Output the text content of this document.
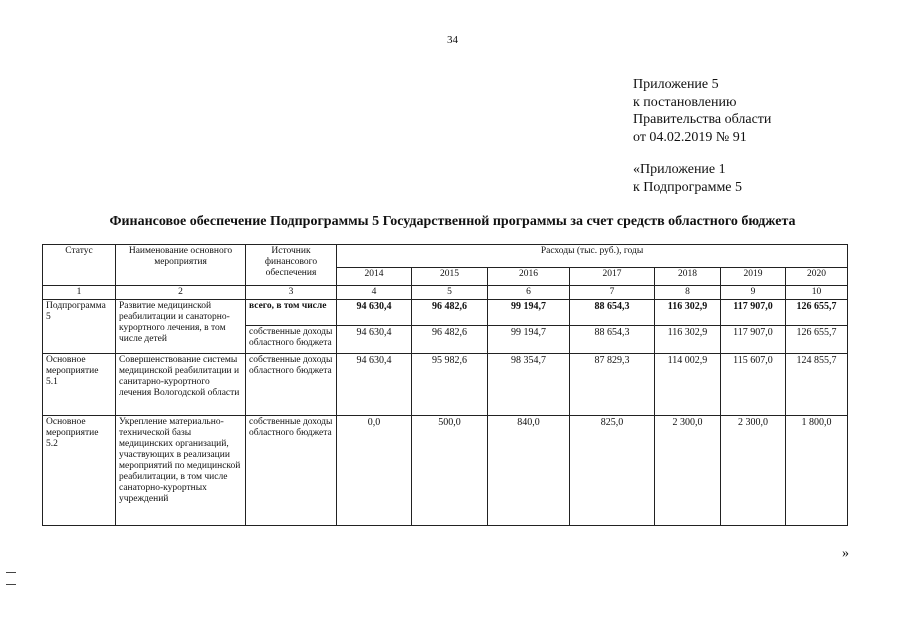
34
Приложение 5
к постановлению
Правительства области
от 04.02.2019 № 91
«Приложение 1
к Подпрограмме 5
Финансовое обеспечение Подпрограммы 5 Государственной программы за счет средств областного бюджета
Статус	Наименование основного мероприятия	Источник финансового обеспечения	Расходы (тыс. руб.), годы						
			2014	2015	2016	2017	2018	2019	2020
1	2	3	4	5	6	7	8	9	10
Подпрограмма 5	Развитие медицинской реабилитации и санаторно-курортного лечения, в том числе детей	всего, в том числе	94 630,4	96 482,6	99 194,7	88 654,3	116 302,9	117 907,0	126 655,7
		собственные доходы областного бюджета	94 630,4	96 482,6	99 194,7	88 654,3	116 302,9	117 907,0	126 655,7
Основное мероприятие 5.1	Совершенствование системы медицинской реабилитации и санитарно-курортного лечения Вологодской области	собственные доходы областного бюджета	94 630,4	95 982,6	98 354,7	87 829,3	114 002,9	115 607,0	124 855,7
Основное мероприятие 5.2	Укрепление материально-технической базы медицинских организаций, участвующих в реализации мероприятий по медицинской реабилитации, в том числе санаторно-курортных учреждений	собственные доходы областного бюджета	0,0	500,0	840,0	825,0	2 300,0	2 300,0	1 800,0
»
